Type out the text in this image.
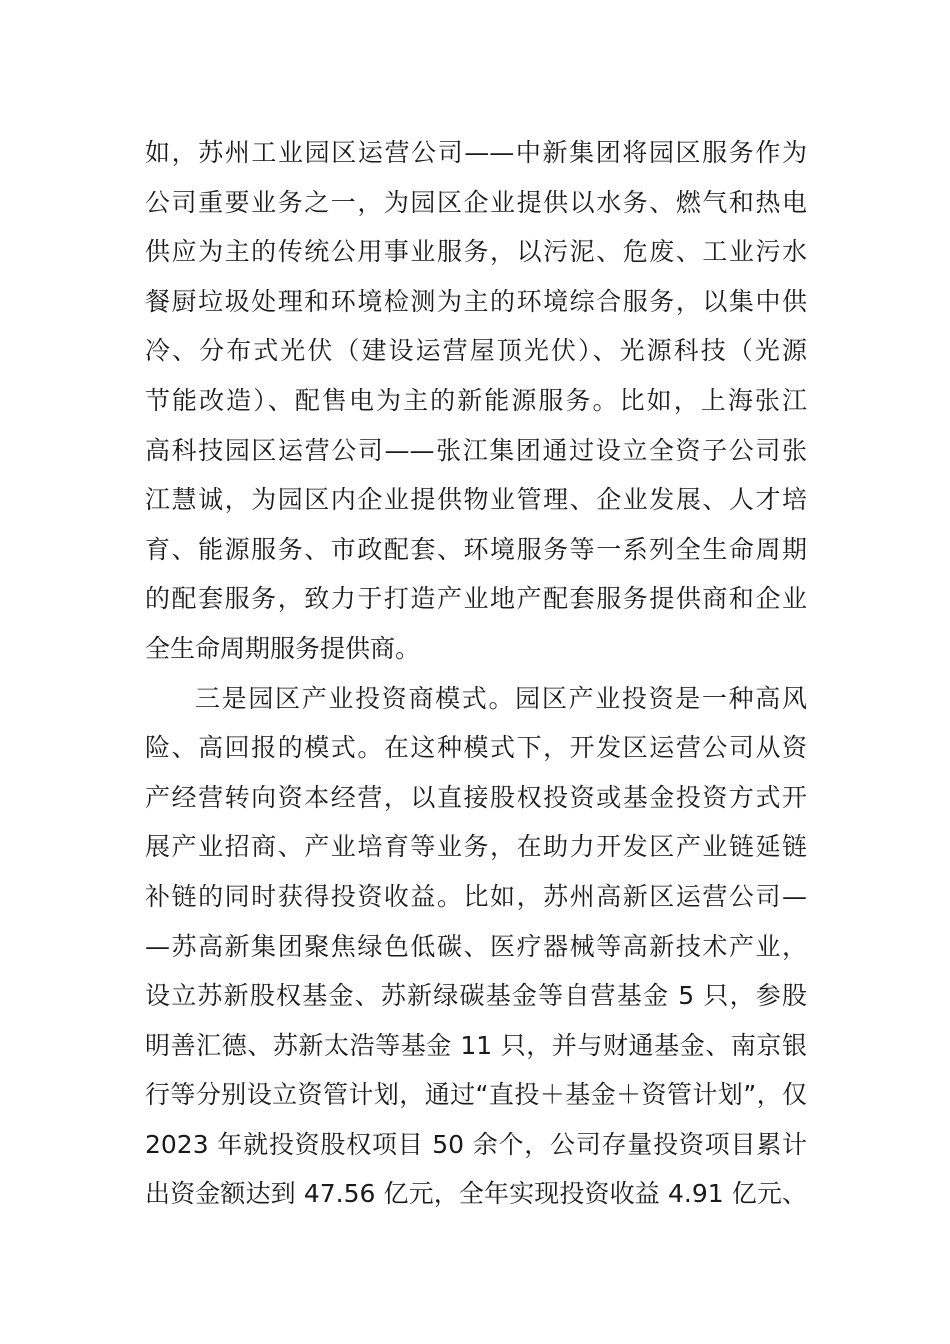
如，苏州工业园区运营公司——中新集团将园区服务作为
公司重要业务之一，为园区企业提供以水务、燃气和热电
供应为主的传统公用事业服务，以污泥、危废、工业污水
餐厨垃圾处理和环境检测为主的环境综合服务，以集中供
冷、分布式光伏（建设运营屋顶光伏）、光源科技（光源
节能改造）、配售电为主的新能源服务。比如，上海张江
高科技园区运营公司——张江集团通过设立全资子公司张
江慧诚，为园区内企业提供物业管理、企业发展、人才培
育、能源服务、市政配套、环境服务等一系列全生命周期
的配套服务，致力于打造产业地产配套服务提供商和企业
全生命周期服务提供商。
三是园区产业投资商模式。园区产业投资是一种高风
险、高回报的模式。在这种模式下，开发区运营公司从资
产经营转向资本经营，以直接股权投资或基金投资方式开
展产业招商、产业培育等业务，在助力开发区产业链延链
补链的同时获得投资收益。比如，苏州高新区运营公司—
—苏高新集团聚焦绿色低碳、医疗器械等高新技术产业，
设立苏新股权基金、苏新绿碳基金等自营基金 5 只，参股
明善汇德、苏新太浩等基金 11 只，并与财通基金、南京银
行等分别设立资管计划，通过“直投＋基金＋资管计划”，仅
2023 年就投资股权项目 50 余个，公司存量投资项目累计
出资金额达到 47.56 亿元，全年实现投资收益 4.91 亿元、
